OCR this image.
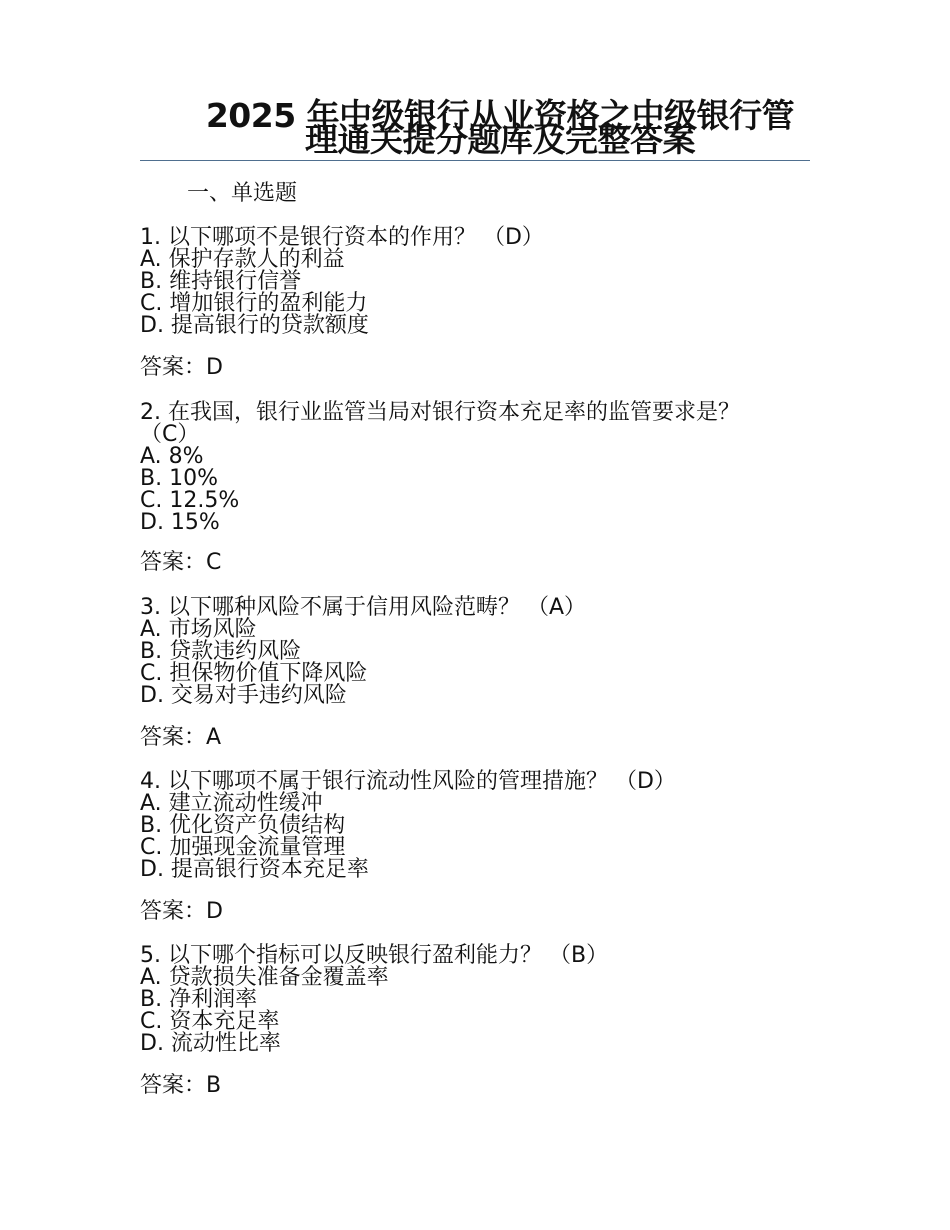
2025 年中级银行从业资格之中级银行管理通关提分题库及完整答案
一、单选题

1. 以下哪项不是银行资本的作用？ （D）

A. 保护存款人的利益

B. 维持银行信誉

C. 增加银行的盈利能力

D. 提高银行的贷款额度

答案：D

2. 在我国，银行业监管当局对银行资本充足率的监管要求是？ （C）

A. 8%

B. 10%

C. 12.5%

D. 15%

答案：C

3. 以下哪种风险不属于信用风险范畴？ （A）

A. 市场风险

B. 贷款违约风险

C. 担保物价值下降风险

D. 交易对手违约风险

答案：A

4. 以下哪项不属于银行流动性风险的管理措施？ （D）

A. 建立流动性缓冲

B. 优化资产负债结构

C. 加强现金流量管理

D. 提高银行资本充足率

答案：D

5. 以下哪个指标可以反映银行盈利能力？ （B）

A. 贷款损失准备金覆盖率

B. 净利润率

C. 资本充足率

D. 流动性比率

答案：B
